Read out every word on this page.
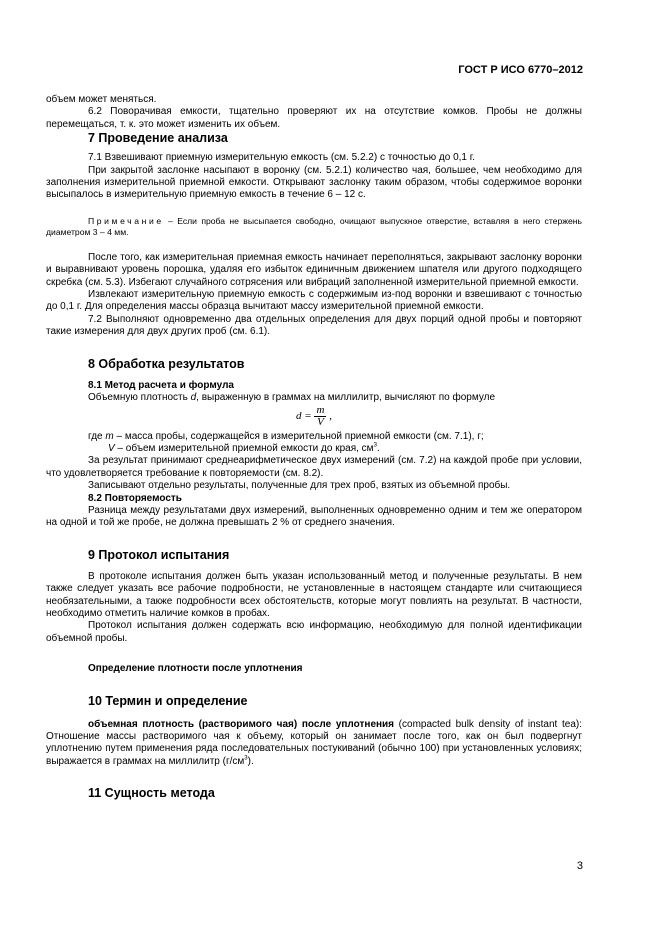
ГОСТ Р ИСО 6770–2012

объем может меняться.

6.2 Поворачивая емкости, тщательно проверяют их на отсутствие комков. Пробы не должны перемещаться, т. к. это может изменить их объем.

7 Проведение анализа

7.1 Взвешивают приемную измерительную емкость (см. 5.2.2) с точностью до 0,1 г.

При закрытой заслонке насыпают в воронку (см. 5.2.1) количество чая, большее, чем необходимо для заполнения измерительной приемной емкости. Открывают заслонку таким образом, чтобы содержимое воронки высыпалось в измерительную приемную емкость в течение 6 – 12 с.

Примечание – Если проба не высыпается свободно, очищают выпускное отверстие, вставляя в него стержень диаметром 3 – 4 мм.

После того, как измерительная приемная емкость начинает переполняться, закрывают заслонку воронки и выравнивают уровень порошка, удаляя его избыток единичным движением шпателя или другого подходящего скребка (см. 5.3). Избегают случайного сотрясения или вибраций заполненной измерительной приемной емкости.

Извлекают измерительную приемную емкость с содержимым из-под воронки и взвешивают с точностью до 0,1 г. Для определения массы образца вычитают массу измерительной приемной емкости.

7.2 Выполняют одновременно два отдельных определения для двух порций одной пробы и повторяют такие измерения для двух других проб (см. 6.1).

8 Обработка результатов
8.1 Метод расчета и формула

Объемную плотность d, выраженную в граммах на миллилитр, вычисляют по формуле

$d = \frac{m}{V}$ ,

где m – масса пробы, содержащейся в измерительной приемной емкости (см. 7.1), г;

V – объем измерительной приемной емкости до края, $см^3$.

За результат принимают среднеарифметическое двух измерений (см. 7.2) на каждой пробе при условии, что удовлетворяется требование к повторяемости (см. 8.2).

Записывают отдельно результаты, полученные для трех проб, взятых из объемной пробы.

8.2 Повторяемость

Разница между результатами двух измерений, выполненных одновременно одним и тем же оператором на одной и той же пробе, не должна превышать 2 % от среднего значения.

9 Протокол испытания

В протоколе испытания должен быть указан использованный метод и полученные результаты. В нем также следует указать все рабочие подробности, не установленные в настоящем стандарте или считающиеся необязательными, а также подробности всех обстоятельств, которые могут повлиять на результат. В частности, необходимо отметить наличие комков в пробах.

Протокол испытания должен содержать всю информацию, необходимую для полной идентификации объемной пробы.

Определение плотности после уплотнения
10 Термин и определение

объемная плотность (растворимого чая) после уплотнения (compacted bulk density of instant tea): Отношение массы растворимого чая к объему, который он занимает после того, как он был подвергнут уплотнению путем применения ряда последовательных постукиваний (обычно 100) при установленных условиях; выражается в граммах на миллилитр $(г/см^3)$.

11 Сущность метода
3
